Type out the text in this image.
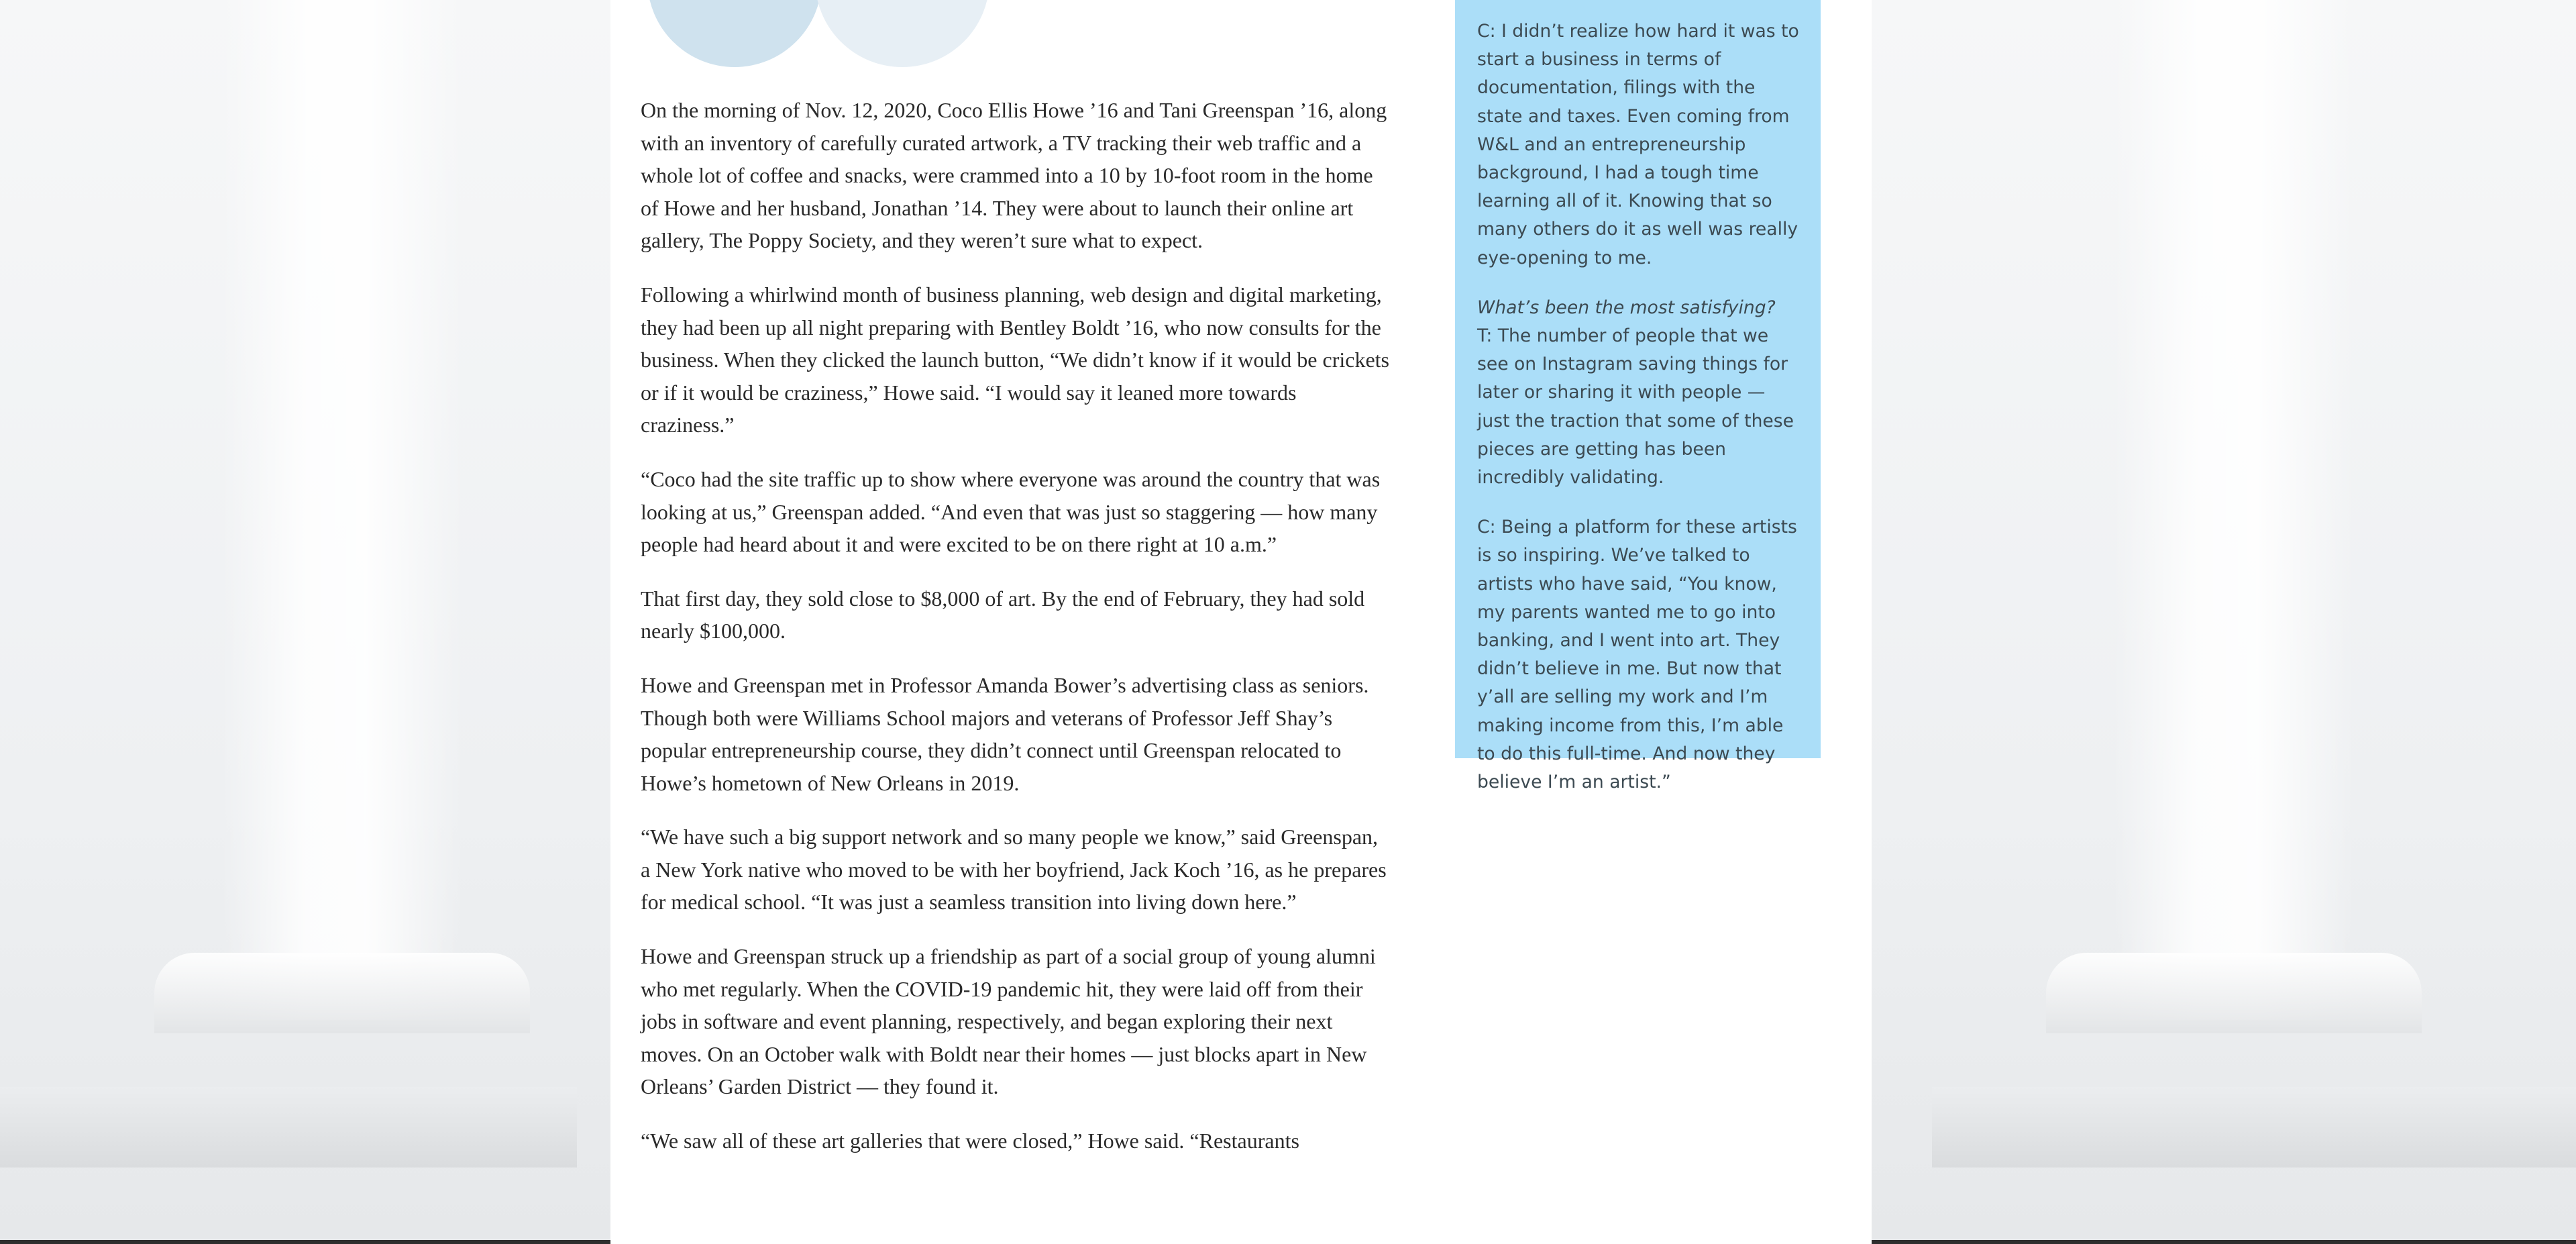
On the morning of Nov. 12, 2020, Coco Ellis Howe ’16 and Tani Greenspan ’16, along with an inventory of carefully curated artwork, a TV tracking their web traffic and a whole lot of coffee and snacks, were crammed into a 10 by 10-foot room in the home of Howe and her husband, Jonathan ’14. They were about to launch their online art gallery, The Poppy Society, and they weren’t sure what to expect.

Following a whirlwind month of business planning, web design and digital marketing, they had been up all night preparing with Bentley Boldt ’16, who now consults for the business. When they clicked the launch button, “We didn’t know if it would be crickets or if it would be craziness,” Howe said. “I would say it leaned more towards craziness.”

“Coco had the site traffic up to show where everyone was around the country that was looking at us,” Greenspan added. “And even that was just so staggering — how many people had heard about it and were excited to be on there right at 10 a.m.”

That first day, they sold close to $8,000 of art. By the end of February, they had sold nearly $100,000.

Howe and Greenspan met in Professor Amanda Bower’s advertising class as seniors. Though both were Williams School majors and veterans of Professor Jeff Shay’s popular entrepreneurship course, they didn’t connect until Greenspan relocated to Howe’s hometown of New Orleans in 2019.

“We have such a big support network and so many people we know,” said Greenspan, a New York native who moved to be with her boyfriend, Jack Koch ’16, as he prepares for medical school. “It was just a seamless transition into living down here.”

Howe and Greenspan struck up a friendship as part of a social group of young alumni who met regularly. When the COVID-19 pandemic hit, they were laid off from their jobs in software and event planning, respectively, and began exploring their next moves. On an October walk with Boldt near their homes — just blocks apart in New Orleans’ Garden District — they found it.

“We saw all of these art galleries that were closed,” Howe said. “Restaurants

C: I didn’t realize how hard it was to start a business in terms of documentation, filings with the state and taxes. Even coming from W&L and an entrepreneurship background, I had a tough time learning all of it. Knowing that so many others do it as well was really eye-opening to me.

What’s been the most satisfying?
T: The number of people that we see on Instagram saving things for later or sharing it with people — just the traction that some of these pieces are getting has been incredibly validating.

C: Being a platform for these artists is so inspiring. We’ve talked to artists who have said, “You know, my parents wanted me to go into banking, and I went into art. They didn’t believe in me. But now that y’all are selling my work and I’m making income from this, I’m able to do this full-time. And now they believe I’m an artist.”
